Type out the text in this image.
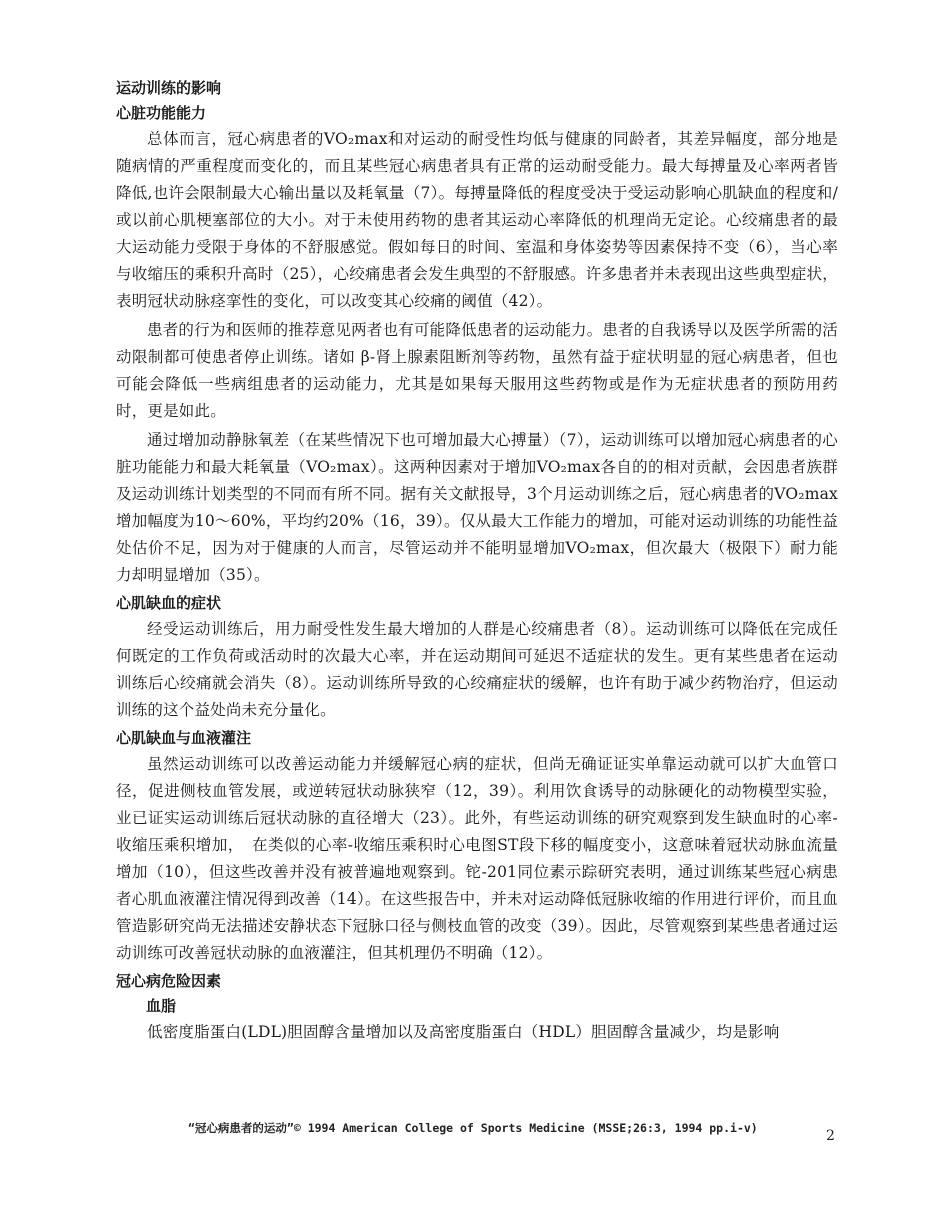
运动训练的影响
心脏功能能力

总体而言，冠心病患者的VO₂max和对运动的耐受性均低与健康的同龄者，其差异幅度，部分地是随病情的严重程度而变化的，而且某些冠心病患者具有正常的运动耐受能力。最大每搏量及心率两者皆降低,也许会限制最大心输出量以及耗氧量（7）。每搏量降低的程度受决于受运动影响心肌缺血的程度和/或以前心肌梗塞部位的大小。对于未使用药物的患者其运动心率降低的机理尚无定论。心绞痛患者的最大运动能力受限于身体的不舒服感觉。假如每日的时间、室温和身体姿势等因素保持不变（6），当心率与收缩压的乘积升高时（25），心绞痛患者会发生典型的不舒服感。许多患者并未表现出这些典型症状，表明冠状动脉痉挛性的变化，可以改变其心绞痛的阈值（42）。

患者的行为和医师的推荐意见两者也有可能降低患者的运动能力。患者的自我诱导以及医学所需的活动限制都可使患者停止训练。诸如 β-肾上腺素阻断剂等药物，虽然有益于症状明显的冠心病患者，但也可能会降低一些病组患者的运动能力，尤其是如果每天服用这些药物或是作为无症状患者的预防用药时，更是如此。

通过增加动静脉氧差（在某些情况下也可增加最大心搏量）（7），运动训练可以增加冠心病患者的心脏功能能力和最大耗氧量（VO₂max）。这两种因素对于增加VO₂max各自的的相对贡献，会因患者族群及运动训练计划类型的不同而有所不同。据有关文献报导，3个月运动训练之后，冠心病患者的VO₂max增加幅度为10～60%，平均约20%（16，39）。仅从最大工作能力的增加，可能对运动训练的功能性益处估价不足，因为对于健康的人而言，尽管运动并不能明显增加VO₂max，但次最大（极限下）耐力能力却明显增加（35）。

心肌缺血的症状

经受运动训练后，用力耐受性发生最大增加的人群是心绞痛患者（8）。运动训练可以降低在完成任何既定的工作负荷或活动时的次最大心率，并在运动期间可延迟不适症状的发生。更有某些患者在运动训练后心绞痛就会消失（8）。运动训练所导致的心绞痛症状的缓解，也许有助于减少药物治疗，但运动训练的这个益处尚未充分量化。

心肌缺血与血液灌注

虽然运动训练可以改善运动能力并缓解冠心病的症状，但尚无确证证实单靠运动就可以扩大血管口径，促进侧枝血管发展，或逆转冠状动脉狭窄（12，39）。利用饮食诱导的动脉硬化的动物模型实验，业已证实运动训练后冠状动脉的直径增大（23）。此外，有些运动训练的研究观察到发生缺血时的心率-收缩压乘积增加，　在类似的心率-收缩压乘积时心电图ST段下移的幅度变小，这意味着冠状动脉血流量增加（10），但这些改善并没有被普遍地观察到。铊-201同位素示踪研究表明，通过训练某些冠心病患者心肌血液灌注情况得到改善（14）。在这些报告中，并未对运动降低冠脉收缩的作用进行评价，而且血管造影研究尚无法描述安静状态下冠脉口径与侧枝血管的改变（39）。因此，尽管观察到某些患者通过运动训练可改善冠状动脉的血液灌注，但其机理仍不明确（12）。

冠心病危险因素
血脂

低密度脂蛋白(LDL)胆固醇含量增加以及高密度脂蛋白（HDL）胆固醇含量减少，均是影响

“冠心病患者的运动”© 1994 American College of Sports Medicine (MSSE;26:3, 1994 pp.i-v)	2
